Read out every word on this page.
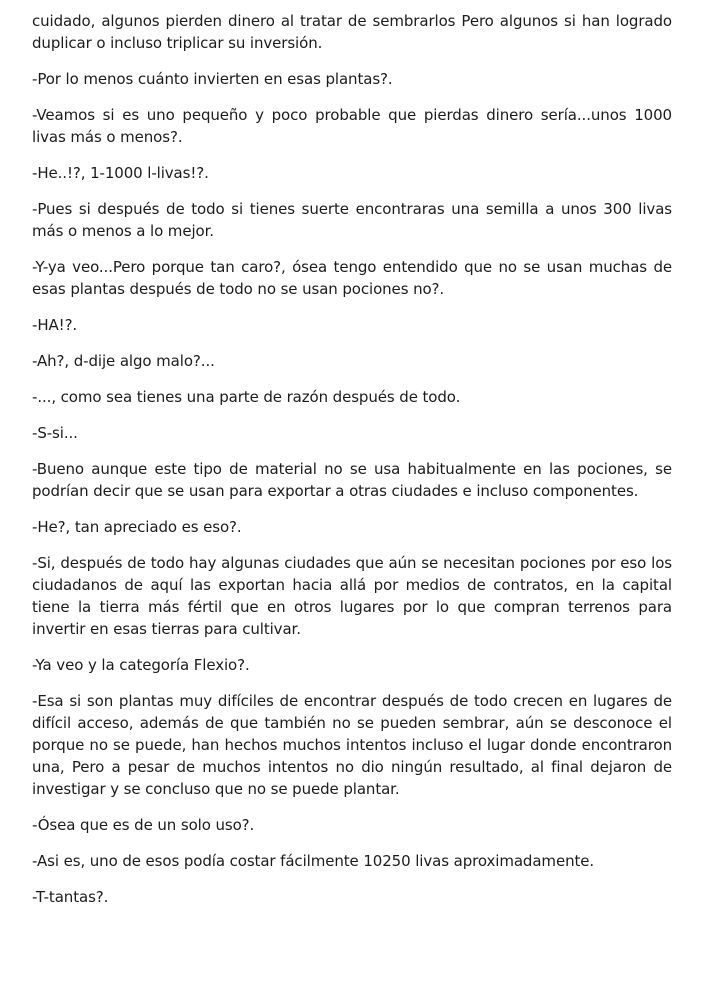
cuidado, algunos pierden dinero al tratar de sembrarlos Pero algunos si han logrado duplicar o incluso triplicar su inversión.

-Por lo menos cuánto invierten en esas plantas?.

-Veamos si es uno pequeño y poco probable que pierdas dinero sería...unos 1000 livas más o menos?.

-He..!?, 1-1000 l-livas!?.

-Pues si después de todo si tienes suerte encontraras una semilla a unos 300 livas más o menos a lo mejor.

-Y-ya veo...Pero porque tan caro?, ósea tengo entendido que no se usan muchas de esas plantas después de todo no se usan pociones no?.

-HA!?.

-Ah?, d-dije algo malo?...

-..., como sea tienes una parte de razón después de todo.

-S-si...

-Bueno aunque este tipo de material no se usa habitualmente en las pociones, se podrían decir que se usan para exportar a otras ciudades e incluso componentes.

-He?, tan apreciado es eso?.

-Si, después de todo hay algunas ciudades que aún se necesitan pociones por eso los ciudadanos de aquí las exportan hacia allá por medios de contratos, en la capital tiene la tierra más fértil que en otros lugares por lo que compran terrenos para invertir en esas tierras para cultivar.

-Ya veo y la categoría Flexio?.

-Esa si son plantas muy difíciles de encontrar después de todo crecen en lugares de difícil acceso, además de que también no se pueden sembrar, aún se desconoce el porque no se puede, han hechos muchos intentos incluso el lugar donde encontraron una, Pero a pesar de muchos intentos no dio ningún resultado, al final dejaron de investigar y se concluso que no se puede plantar.

-Ósea que es de un solo uso?.

-Asi es, uno de esos podía costar fácilmente 10250 livas aproximadamente.

-T-tantas?.
